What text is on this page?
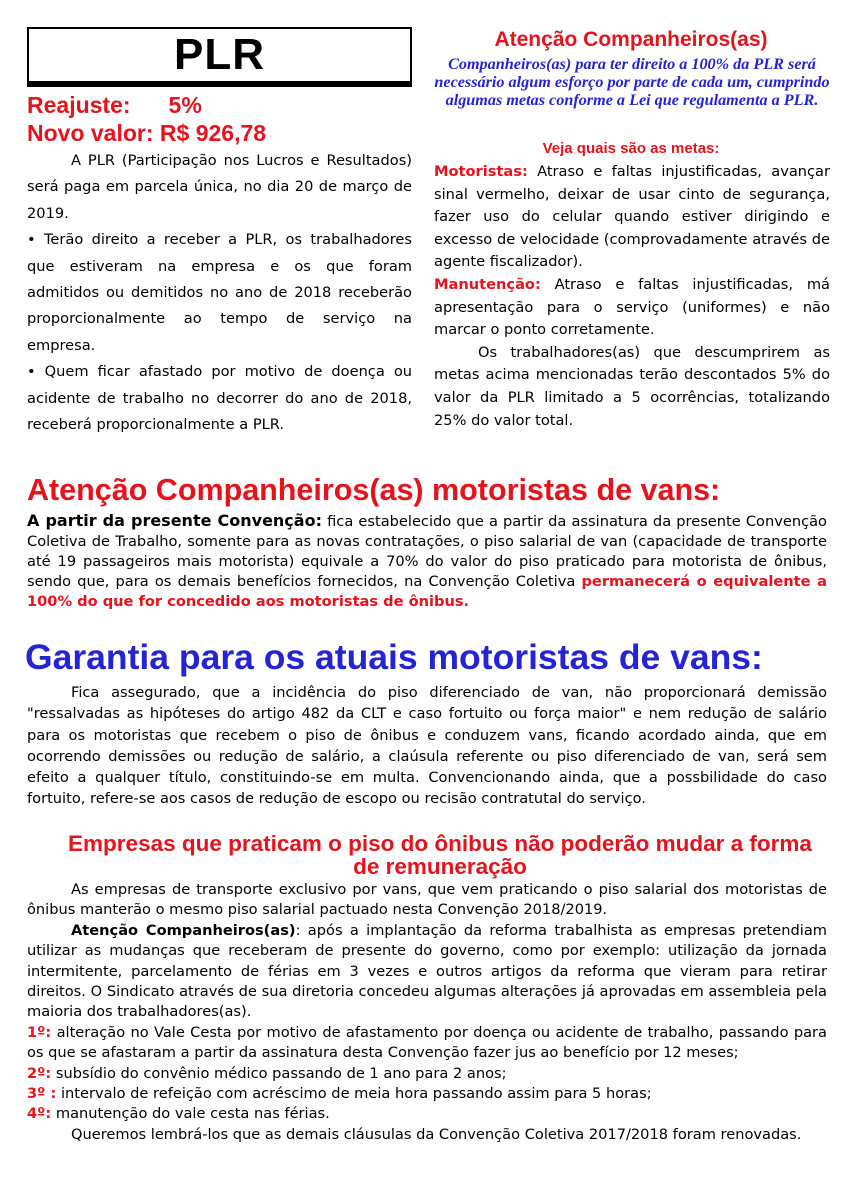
PLR
Reajuste: 5%
Novo valor: R$ 926,78

A PLR (Participação nos Lucros e Resultados) será paga em parcela única, no dia 20 de março de 2019.

• Terão direito a receber a PLR, os trabalhadores que estiveram na empresa e os que foram admitidos ou demitidos no ano de 2018 receberão proporcionalmente ao tempo de serviço na empresa.

• Quem ficar afastado por motivo de doença ou acidente de trabalho no decorrer do ano de 2018, receberá proporcionalmente a PLR.

Atenção Companheiros(as)
Companheiros(as) para ter direito a 100% da PLR será necessário algum esforço por parte de cada um, cumprindo algumas metas conforme a Lei que regulamenta a PLR.
Veja quais são as metas:

Motoristas: Atraso e faltas injustificadas, avançar sinal vermelho, deixar de usar cinto de segurança, fazer uso do celular quando estiver dirigindo e excesso de velocidade (comprovadamente através de agente fiscalizador).

Manutenção: Atraso e faltas injustificadas, má apresentação para o serviço (uniformes) e não marcar o ponto corretamente.

Os trabalhadores(as) que descumprirem as metas acima mencionadas terão descontados 5% do valor da PLR limitado a 5 ocorrências, totalizando 25% do valor total.

Atenção Companheiros(as) motoristas de vans:
A partir da presente Convenção: fica estabelecido que a partir da assinatura da presente Convenção Coletiva de Trabalho, somente para as novas contratações, o piso salarial de van (capacidade de transporte até 19 passageiros mais motorista) equivale a 70% do valor do piso praticado para motorista de ônibus, sendo que, para os demais benefícios fornecidos, na Convenção Coletiva permanecerá o equivalente a 100% do que for concedido aos motoristas de ônibus.
Garantia para os atuais motoristas de vans:
Fica assegurado, que a incidência do piso diferenciado de van, não proporcionará demissão "ressalvadas as hipóteses do artigo 482 da CLT e caso fortuito ou força maior" e nem redução de salário para os motoristas que recebem o piso de ônibus e conduzem vans, ficando acordado ainda, que em ocorrendo demissões ou redução de salário, a claúsula referente ou piso diferenciado de van, será sem efeito a qualquer título, constituindo-se em multa. Convencionando ainda, que a possbilidade do caso fortuito, refere-se aos casos de redução de escopo ou recisão contratutal do serviço.
Empresas que praticam o piso do ônibus não poderão mudar a forma de remuneração

As empresas de transporte exclusivo por vans, que vem praticando o piso salarial dos motoristas de ônibus manterão o mesmo piso salarial pactuado nesta Convenção 2018/2019.

Atenção Companheiros(as): após a implantação da reforma trabalhista as empresas pretendiam utilizar as mudanças que receberam de presente do governo, como por exemplo: utilização da jornada intermitente, parcelamento de férias em 3 vezes e outros artigos da reforma que vieram para retirar direitos. O Sindicato através de sua diretoria concedeu algumas alterações já aprovadas em assembleia pela maioria dos trabalhadores(as).

1º: alteração no Vale Cesta por motivo de afastamento por doença ou acidente de trabalho, passando para os que se afastaram a partir da assinatura desta Convenção fazer jus ao benefício por 12 meses;

2º: subsídio do convênio médico passando de 1 ano para 2 anos;

3º : intervalo de refeição com acréscimo de meia hora passando assim para 5 horas;

4º: manutenção do vale cesta nas férias.

Queremos lembrá-los que as demais cláusulas da Convenção Coletiva 2017/2018 foram renovadas.
